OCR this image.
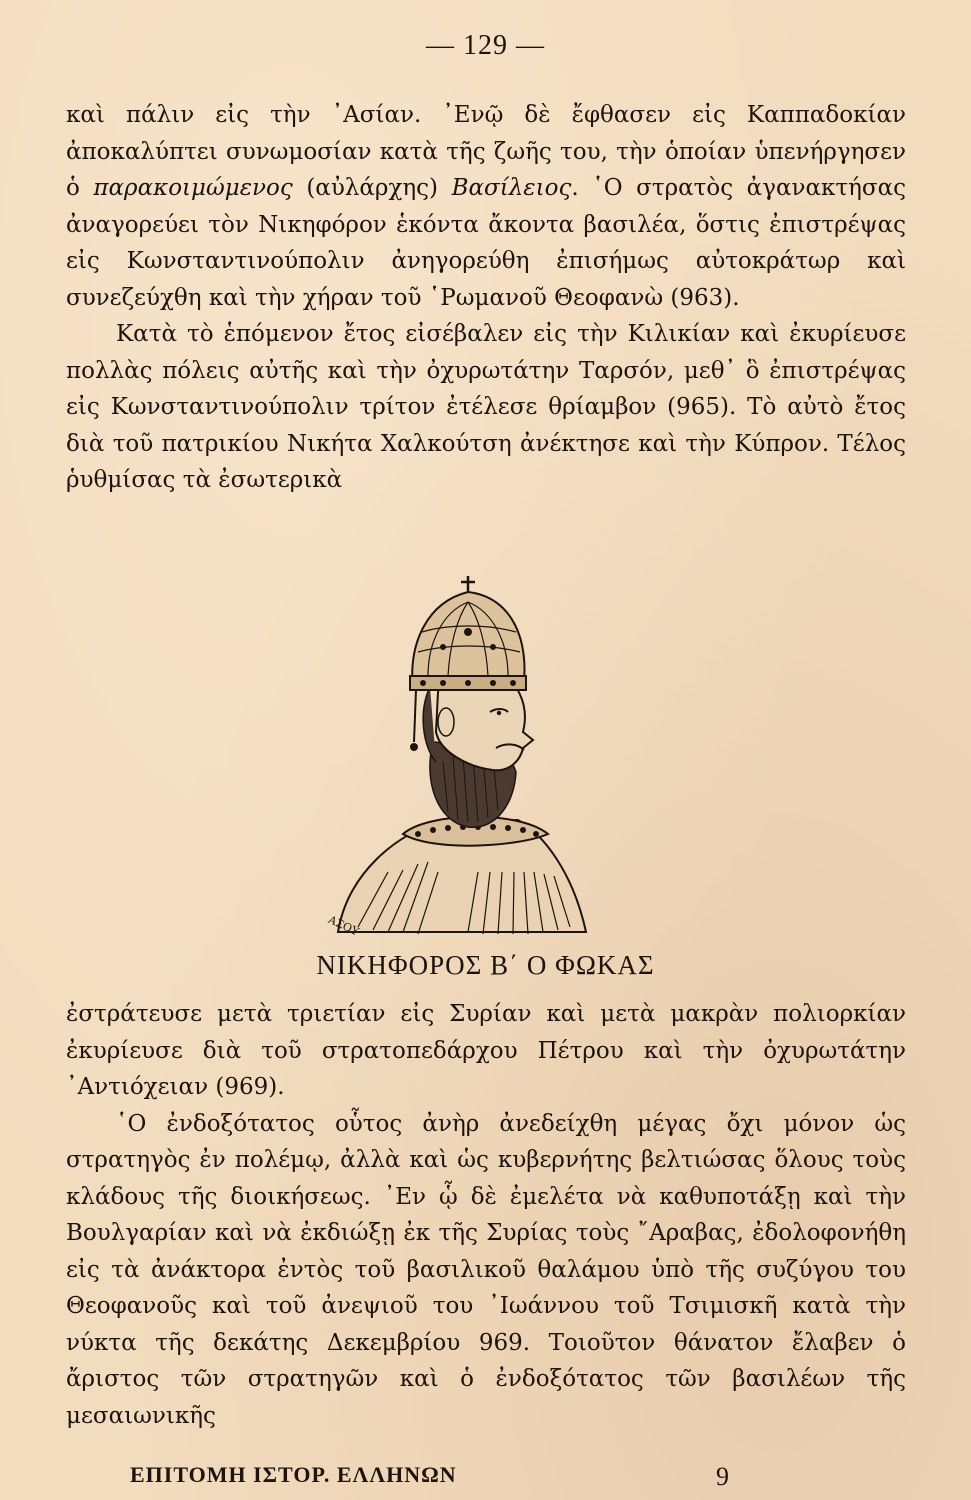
— 129 —

καὶ πάλιν εἰς τὴν ᾿Ασίαν. ᾿Ενῷ δὲ ἔφθασεν εἰς Καππαδοκίαν ἀποκαλύπτει συνωμοσίαν κατὰ τῆς ζωῆς του, τὴν ὁποίαν ὑπενήργησεν ὁ παρακοιμώμενος (αὐλάρχης) Βασίλειος. ῾Ο στρατὸς ἀγανακτήσας ἀναγορεύει τὸν Νικηφόρον ἑκόντα ἄκοντα βασιλέα, ὅστις ἐπιστρέψας εἰς Κωνσταντινούπολιν ἀνηγορεύθη ἐπισήμως αὐτοκράτωρ καὶ συνεζεύχθη καὶ τὴν χήραν τοῦ ῾Ρωμανοῦ Θεοφανὼ (963).

Κατὰ τὸ ἑπόμενον ἔτος εἰσέβαλεν εἰς τὴν Κιλικίαν καὶ ἐκυρίευσε πολλὰς πόλεις αὐτῆς καὶ τὴν ὀχυρωτάτην Ταρσόν, μεθ᾿ ὃ ἐπιστρέψας εἰς Κωνσταντινούπολιν τρίτον ἐτέλεσε θρίαμβον (965). Τὸ αὐτὸ ἔτος διὰ τοῦ πατρικίου Νικήτα Χαλκούτση ἀνέκτησε καὶ τὴν Κύπρον. Τέλος ῥυθμίσας τὰ ἐσωτερικὰ

ΑΣΟΥ
ΝΙΚΗΦΟΡΟΣ Β΄ Ο ΦΩΚΑΣ

ἐστράτευσε μετὰ τριετίαν εἰς Συρίαν καὶ μετὰ μακρὰν πολιορκίαν ἐκυρίευσε διὰ τοῦ στρατοπεδάρχου Πέτρου καὶ τὴν ὀχυρωτάτην ᾿Αντιόχειαν (969).

῾Ο ἐνδοξότατος οὗτος ἀνὴρ ἀνεδείχθη μέγας ὄχι μόνον ὡς στρατηγὸς ἐν πολέμῳ, ἀλλὰ καὶ ὡς κυβερνήτης βελτιώσας ὅλους τοὺς κλάδους τῆς διοικήσεως. ᾿Εν ᾧ δὲ ἐμελέτα νὰ καθυποτάξῃ καὶ τὴν Βουλγαρίαν καὶ νὰ ἐκδιώξῃ ἐκ τῆς Συρίας τοὺς ῎Αραβας, ἐδολοφονήθη εἰς τὰ ἀνάκτορα ἐντὸς τοῦ βασιλικοῦ θαλάμου ὑπὸ τῆς συζύγου του Θεοφανοῦς καὶ τοῦ ἀνεψιοῦ του ᾿Ιωάννου τοῦ Τσιμισκῆ κατὰ τὴν νύκτα τῆς δεκάτης Δεκεμβρίου 969. Τοιοῦτον θάνατον ἔλαβεν ὁ ἄριστος τῶν στρατηγῶν καὶ ὁ ἐνδοξότατος τῶν βασιλέων τῆς μεσαιωνικῆς

ΕΠΙΤΟΜΗ ΙΣΤΟΡ. ΕΛΛΗΝΩΝ	9
